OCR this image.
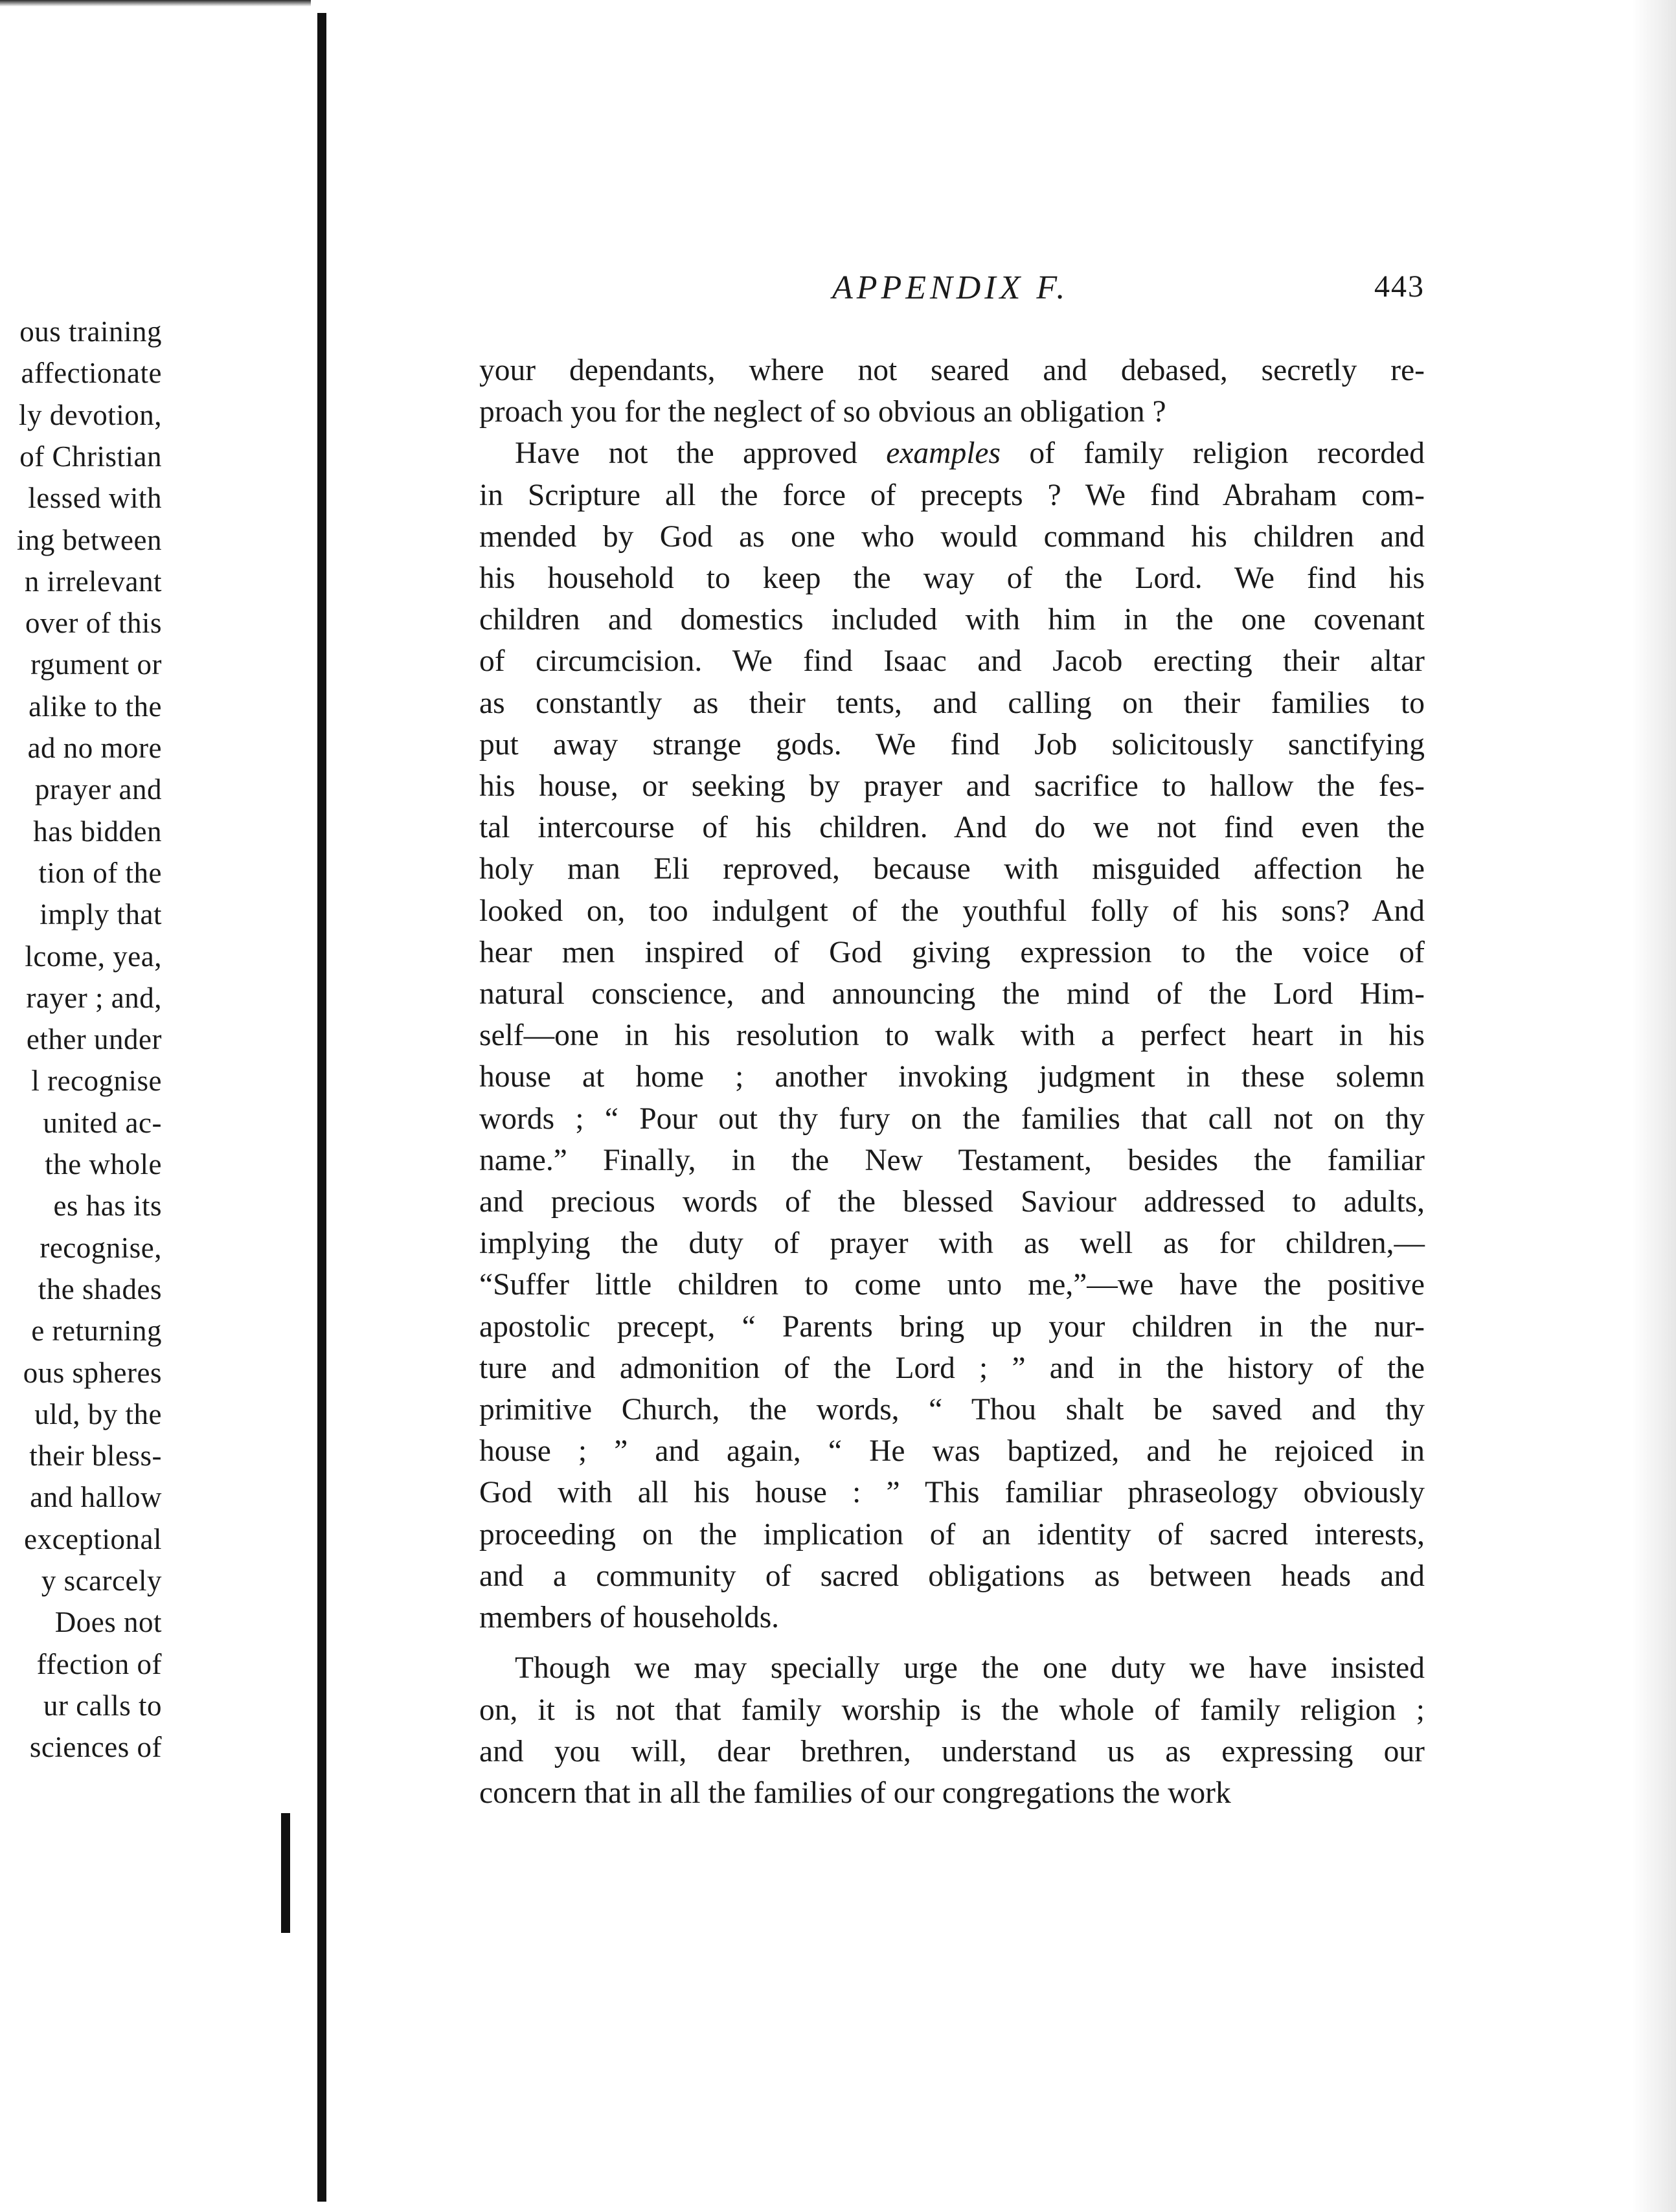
ous training
affectionate
ly devotion,
of Christian
lessed with
ing between
n irrelevant
over of this
rgument or
alike to the
ad no more
prayer and
has bidden
tion of the
imply that
lcome, yea,
rayer ; and,
ether under
l recognise
united ac-
the whole
es has its
recognise,
the shades
e returning
ous spheres
uld, by the
their bless-
and hallow
exceptional
y scarcely
Does not
ffection of
ur calls to
sciences of
APPENDIX F.	443
your dependants, where not seared and debased, secretly re-
proach you for the neglect of so obvious an obligation ?
Have not the approved examples of family religion recorded
in Scripture all the force of precepts ? We find Abraham com-
mended by God as one who would command his children and
his household to keep the way of the Lord. We find his
children and domestics included with him in the one covenant
of circumcision. We find Isaac and Jacob erecting their altar
as constantly as their tents, and calling on their families to
put away strange gods. We find Job solicitously sanctifying
his house, or seeking by prayer and sacrifice to hallow the fes-
tal intercourse of his children. And do we not find even the
holy man Eli reproved, because with misguided affection he
looked on, too indulgent of the youthful folly of his sons? And
hear men inspired of God giving expression to the voice of
natural conscience, and announcing the mind of the Lord Him-
self—one in his resolution to walk with a perfect heart in his
house at home ; another invoking judgment in these solemn
words ; “ Pour out thy fury on the families that call not on thy
name.” Finally, in the New Testament, besides the familiar
and precious words of the blessed Saviour addressed to adults,
implying the duty of prayer with as well as for children,—
“Suffer little children to come unto me,”—we have the positive
apostolic precept, “ Parents bring up your children in the nur-
ture and admonition of the Lord ; ” and in the history of the
primitive Church, the words, “ Thou shalt be saved and thy
house ; ” and again, “ He was baptized, and he rejoiced in
God with all his house : ” This familiar phraseology obviously
proceeding on the implication of an identity of sacred interests,
and a community of sacred obligations as between heads and
members of households.
Though we may specially urge the one duty we have insisted
on, it is not that family worship is the whole of family religion ;
and you will, dear brethren, understand us as expressing our
concern that in all the families of our congregations the work
